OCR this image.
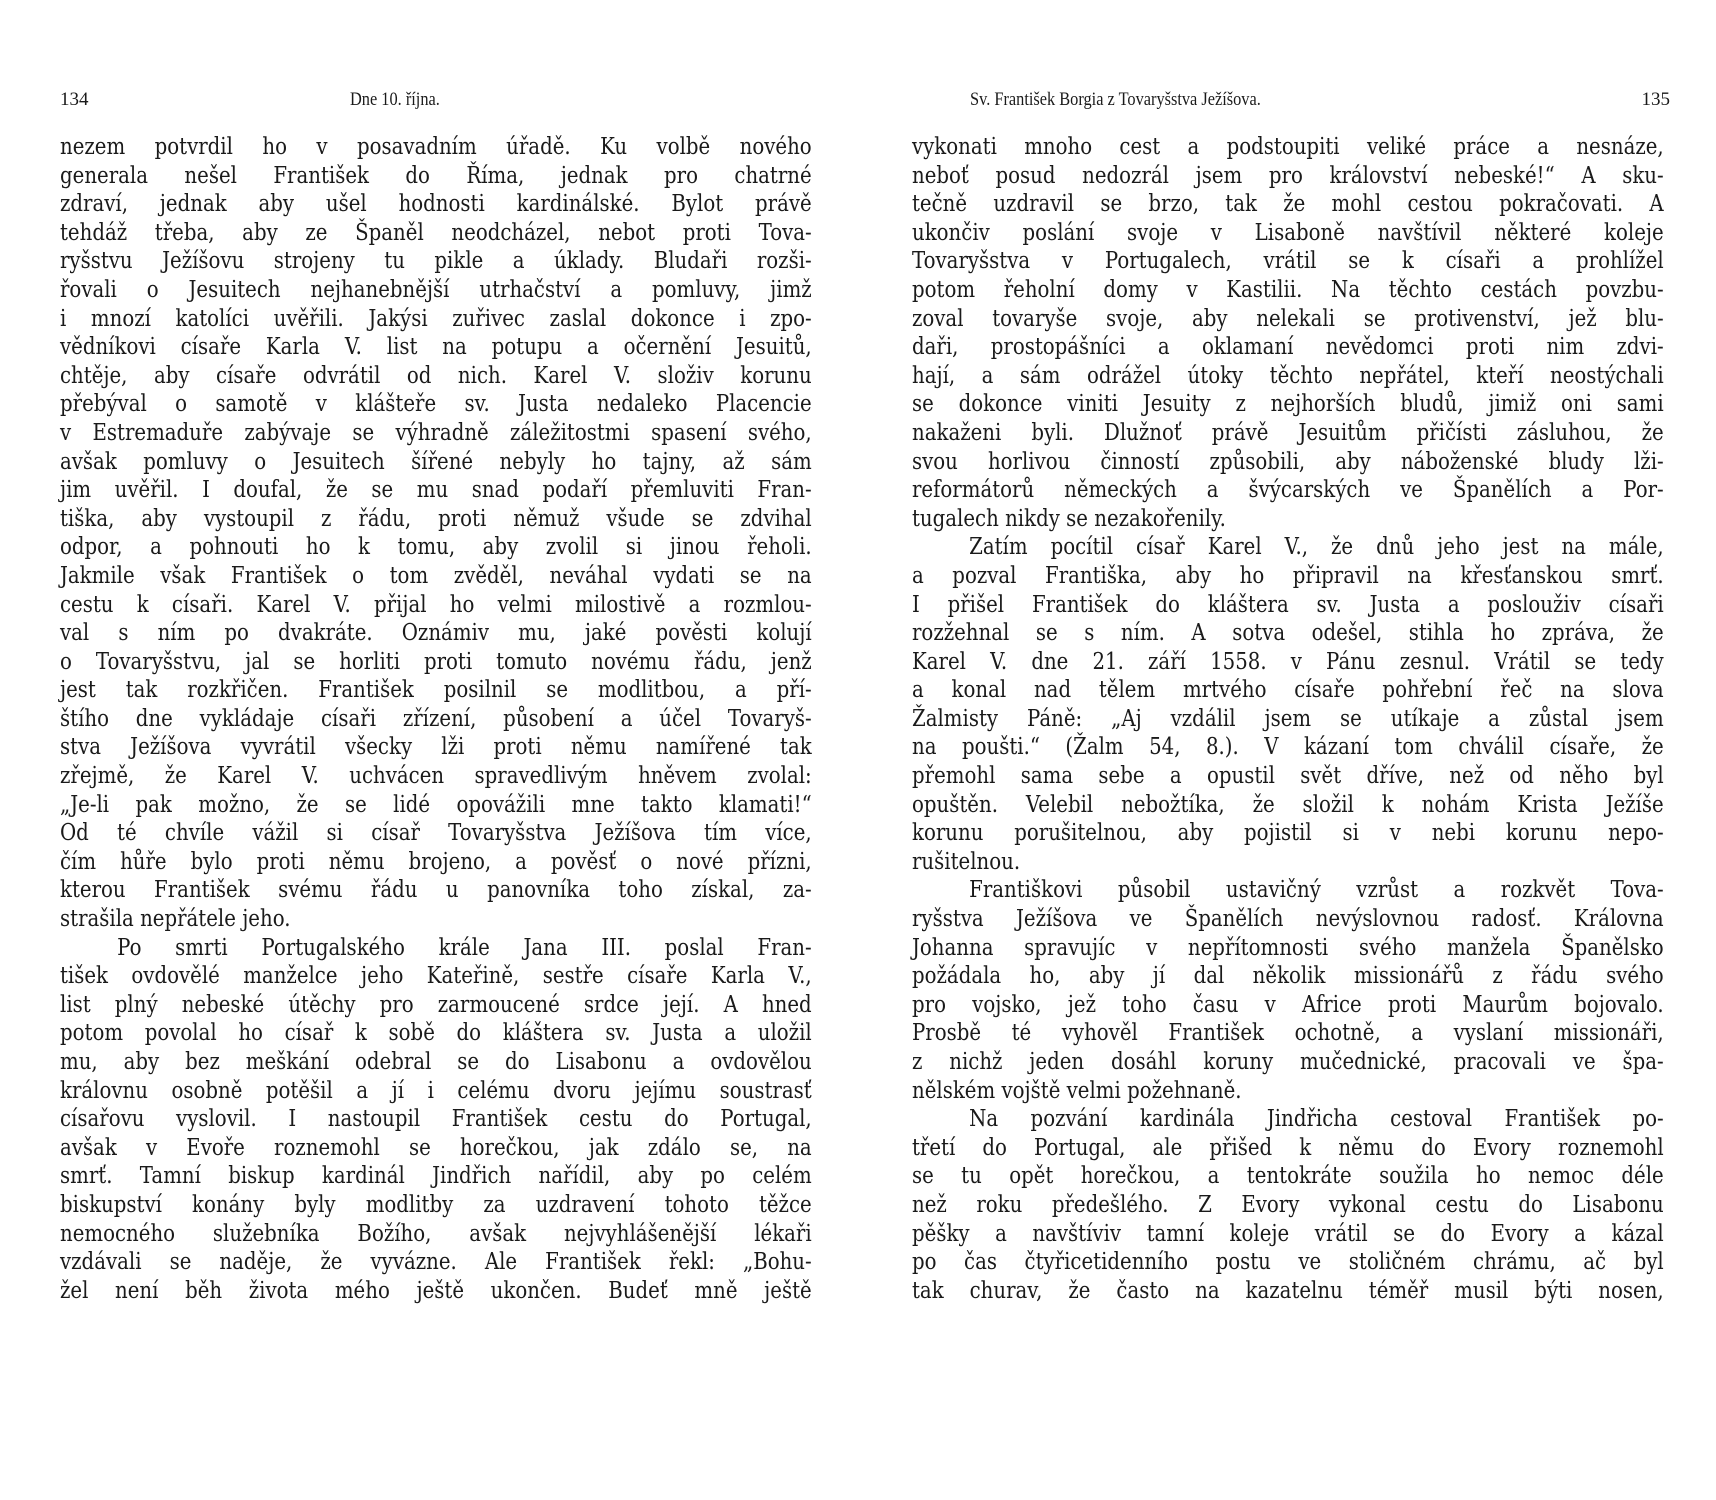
134	Dne 10. října.
nezem potvrdil ho v posavadním úřadě. Ku volbě nového
generala nešel František do Říma, jednak pro chatrné
zdraví, jednak aby ušel hodnosti kardinálské. Bylot právě
tehdáž třeba, aby ze Španěl neodcházel, nebot proti Tova-
ryšstvu Ježíšovu strojeny tu pikle a úklady. Bludaři rozši-
řovali o Jesuitech nejhanebnější utrhačství a pomluvy, jimž
i mnozí katolíci uvěřili. Jakýsi zuřivec zaslal dokonce i zpo-
vědníkovi císaře Karla V. list na potupu a očernění Jesuitů,
chtěje, aby císaře odvrátil od nich. Karel V. složiv korunu
přebýval o samotě v klášteře sv. Justa nedaleko Placencie
v Estremaduře zabývaje se výhradně záležitostmi spasení svého,
avšak pomluvy o Jesuitech šířené nebyly ho tajny, až sám
jim uvěřil. I doufal, že se mu snad podaří přemluviti Fran-
tiška, aby vystoupil z řádu, proti němuž všude se zdvihal
odpor, a pohnouti ho k tomu, aby zvolil si jinou řeholi.
Jakmile však František o tom zvěděl, neváhal vydati se na
cestu k císaři. Karel V. přijal ho velmi milostivě a rozmlou-
val s ním po dvakráte. Oznámiv mu, jaké pověsti kolují
o Tovaryšstvu, jal se horliti proti tomuto novému řádu, jenž
jest tak rozkřičen. František posilnil se modlitbou, a pří-
štího dne vykládaje císaři zřízení, působení a účel Tovaryš-
stva Ježíšova vyvrátil všecky lži proti němu namířené tak
zřejmě, že Karel V. uchvácen spravedlivým hněvem zvolal:
„Je-li pak možno, že se lidé opovážili mne takto klamati!“
Od té chvíle vážil si císař Tovaryšstva Ježíšova tím více,
čím hůře bylo proti němu brojeno, a pověsť o nové přízni,
kterou František svému řádu u panovníka toho získal, za-
strašila nepřátele jeho.
Po smrti Portugalského krále Jana III. poslal Fran-
tišek ovdovělé manželce jeho Kateřině, sestře císaře Karla V.,
list plný nebeské útěchy pro zarmoucené srdce její. A hned
potom povolal ho císař k sobě do kláštera sv. Justa a uložil
mu, aby bez meškání odebral se do Lisabonu a ovdovělou
královnu osobně potěšil a jí i celému dvoru jejímu soustrasť
císařovu vyslovil. I nastoupil František cestu do Portugal,
avšak v Evoře roznemohl se horečkou, jak zdálo se, na
smrť. Tamní biskup kardinál Jindřich nařídil, aby po celém
biskupství konány byly modlitby za uzdravení tohoto těžce
nemocného služebníka Božího, avšak nejvyhlášenější lékaři
vzdávali se naděje, že vyvázne. Ale František řekl: „Bohu-
žel není běh života mého ještě ukončen. Budeť mně ještě
Sv. František Borgia z Tovaryšstva Ježíšova.	135
vykonati mnoho cest a podstoupiti veliké práce a nesnáze,
neboť posud nedozrál jsem pro království nebeské!“ A sku-
tečně uzdravil se brzo, tak že mohl cestou pokračovati. A
ukončiv poslání svoje v Lisaboně navštívil některé koleje
Tovaryšstva v Portugalech, vrátil se k císaři a prohlížel
potom řeholní domy v Kastilii. Na těchto cestách povzbu-
zoval tovaryše svoje, aby nelekali se protivenství, jež blu-
daři, prostopášníci a oklamaní nevědomci proti nim zdvi-
hají, a sám odrážel útoky těchto nepřátel, kteří neostýchali
se dokonce viniti Jesuity z nejhorších bludů, jimiž oni sami
nakaženi byli. Dlužnoť právě Jesuitům přičísti zásluhou, že
svou horlivou činností způsobili, aby náboženské bludy lži-
reformátorů německých a švýcarských ve Španělích a Por-
tugalech nikdy se nezakořenily.
Zatím pocítil císař Karel V., že dnů jeho jest na mále,
a pozval Františka, aby ho připravil na křesťanskou smrť.
I přišel František do kláštera sv. Justa a poslouživ císaři
rozžehnal se s ním. A sotva odešel, stihla ho zpráva, že
Karel V. dne 21. září 1558. v Pánu zesnul. Vrátil se tedy
a konal nad tělem mrtvého císaře pohřební řeč na slova
Žalmisty Páně: „Aj vzdálil jsem se utíkaje a zůstal jsem
na poušti.“ (Žalm 54, 8.). V kázaní tom chválil císaře, že
přemohl sama sebe a opustil svět dříve, než od něho byl
opuštěn. Velebil nebožtíka, že složil k nohám Krista Ježíše
korunu porušitelnou, aby pojistil si v nebi korunu nepo-
rušitelnou.
Františkovi působil ustavičný vzrůst a rozkvět Tova-
ryšstva Ježíšova ve Španělích nevýslovnou radosť. Královna
Johanna spravujíc v nepřítomnosti svého manžela Španělsko
požádala ho, aby jí dal několik missionářů z řádu svého
pro vojsko, jež toho času v Africe proti Maurům bojovalo.
Prosbě té vyhověl František ochotně, a vyslaní missionáři,
z nichž jeden dosáhl koruny mučednické, pracovali ve špa-
nělském vojště velmi požehnaně.
Na pozvání kardinála Jindřicha cestoval František po-
třetí do Portugal, ale přišed k němu do Evory roznemohl
se tu opět horečkou, a tentokráte soužila ho nemoc déle
než roku předešlého. Z Evory vykonal cestu do Lisabonu
pěšky a navštíviv tamní koleje vrátil se do Evory a kázal
po čas čtyřicetidenního postu ve stoličném chrámu, ač byl
tak churav, že často na kazatelnu téměř musil býti nosen,
